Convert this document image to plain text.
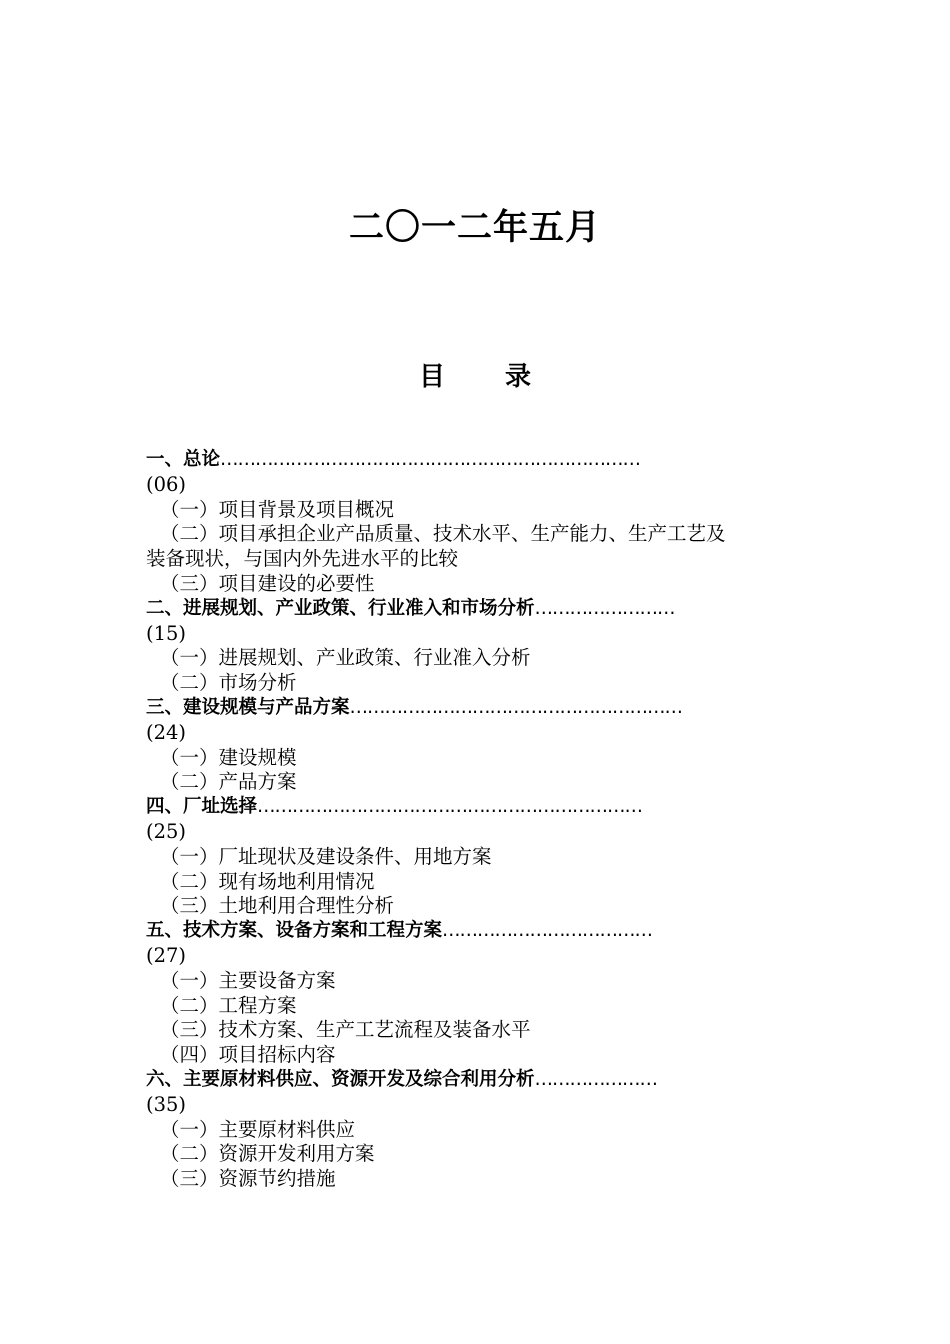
二〇一二年五月
目 录
一、总论………………………………………………………………
(06)
（一）项目背景及项目概况
（二）项目承担企业产品质量、技术水平、生产能力、生产工艺及
装备现状，与国内外先进水平的比较
（三）项目建设的必要性
二、进展规划、产业政策、行业准入和市场分析……………………
(15)
（一）进展规划、产业政策、行业准入分析
（二）市场分析
三、建设规模与产品方案…………………………………………………
(24)
（一）建设规模
（二）产品方案
四、厂址选择…………………………………………………………
(25)
（一）厂址现状及建设条件、用地方案
（二）现有场地利用情况
（三）土地利用合理性分析
五、技术方案、设备方案和工程方案………………………………
(27)
（一）主要设备方案
（二）工程方案
（三）技术方案、生产工艺流程及装备水平
（四）项目招标内容
六、主要原材料供应、资源开发及综合利用分析…………………
(35)
（一）主要原材料供应
（二）资源开发利用方案
（三）资源节约措施
